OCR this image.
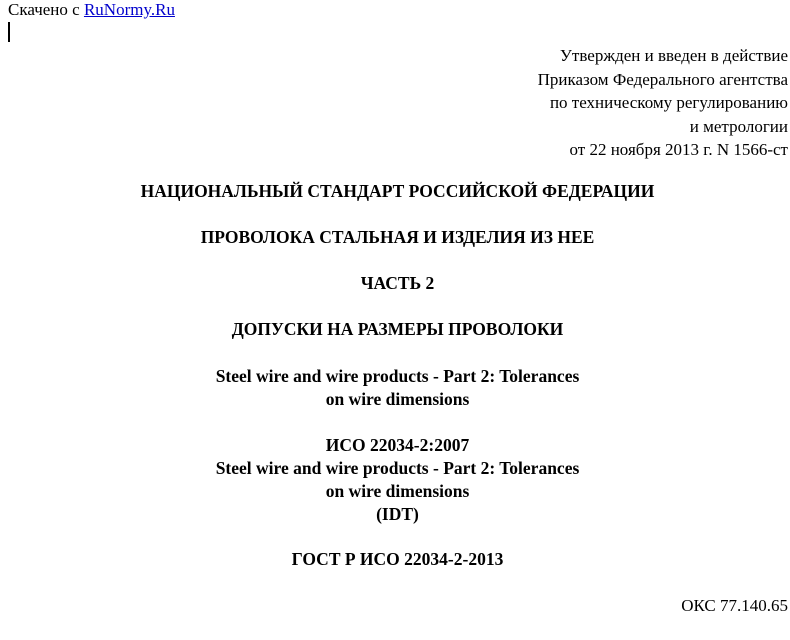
Скачено с RuNormy.Ru
Утвержден и введен в действие
Приказом Федерального агентства
по техническому регулированию
и метрологии
от 22 ноября 2013 г. N 1566-ст
НАЦИОНАЛЬНЫЙ СТАНДАРТ РОССИЙСКОЙ ФЕДЕРАЦИИ
ПРОВОЛОКА СТАЛЬНАЯ И ИЗДЕЛИЯ ИЗ НЕЕ
ЧАСТЬ 2
ДОПУСКИ НА РАЗМЕРЫ ПРОВОЛОКИ
Steel wire and wire products - Part 2: Tolerances
on wire dimensions
ИСО 22034-2:2007
Steel wire and wire products - Part 2: Tolerances
on wire dimensions
(IDT)
ГОСТ Р ИСО 22034-2-2013
ОКС 77.140.65
